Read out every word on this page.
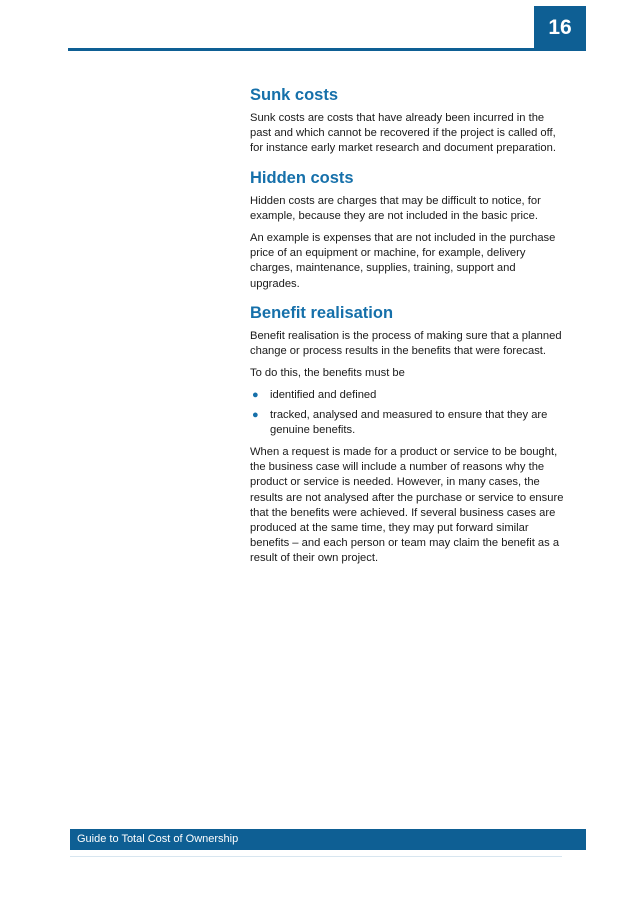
16
Sunk costs

Sunk costs are costs that have already been incurred in the past and which cannot be recovered if the project is called off, for instance early market research and document preparation.

Hidden costs

Hidden costs are charges that may be difficult to notice, for example, because they are not included in the basic price.

An example is expenses that are not included in the purchase price of an equipment or machine, for example, delivery charges, maintenance, supplies, training, support and upgrades.

Benefit realisation

Benefit realisation is the process of making sure that a planned change or process results in the benefits that were forecast.

To do this, the benefits must be

● identified and defined
● tracked, analysed and measured to ensure that they are genuine benefits.

When a request is made for a product or service to be bought, the business case will include a number of reasons why the product or service is needed. However, in many cases, the results are not analysed after the purchase or service to ensure that the benefits were achieved. If several business cases are produced at the same time, they may put forward similar benefits – and each person or team may claim the benefit as a result of their own project.

Guide to Total Cost of Ownership
